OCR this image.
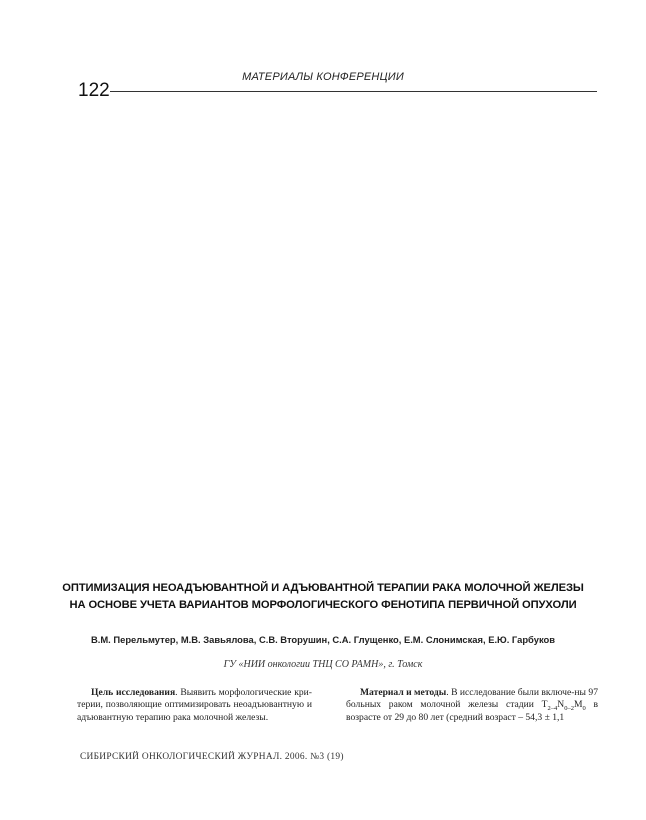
МАТЕРИАЛЫ КОНФЕРЕНЦИИ
122
ОПТИМИЗАЦИЯ НЕОАДЪЮВАНТНОЙ И АДЪЮВАНТНОЙ ТЕРАПИИ РАКА МОЛОЧНОЙ ЖЕЛЕЗЫ
НА ОСНОВЕ УЧЕТА ВАРИАНТОВ МОРФОЛОГИЧЕСКОГО ФЕНОТИПА ПЕРВИЧНОЙ ОПУХОЛИ
В.М. Перельмутер, М.В. Завьялова, С.В. Вторушин, С.А. Глущенко, Е.М. Слонимская, Е.Ю. Гарбуков
ГУ «НИИ онкологии ТНЦ СО РАМН», г. Томск

Цель исследования. Выявить морфологические кри-терии, позволяющие оптимизировать неоадъювантную и адъювантную терапию рака молочной железы.

Материал и методы. В исследование были включе-ны 97 больных раком молочной железы стадии $T_{2-4}N_{0-2}M_0$ в возрасте от 29 до 80 лет (средний возраст – 54,3 ± 1,1

СИБИРСКИЙ ОНКОЛОГИЧЕСКИЙ ЖУРНАЛ. 2006. №3 (19)
